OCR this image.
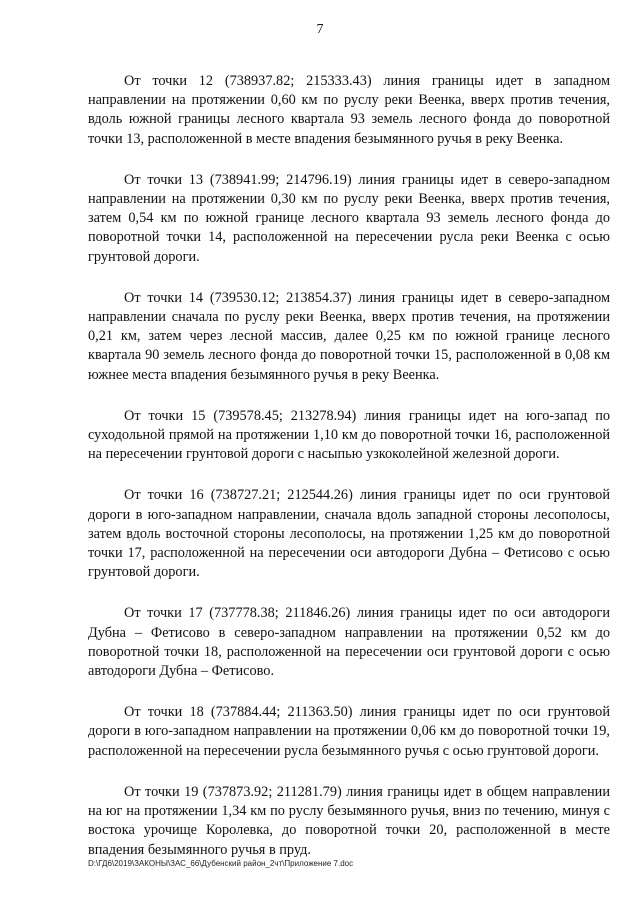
7

От точки 12 (738937.82; 215333.43) линия границы идет в западном направлении на протяжении 0,60 км по руслу реки Веенка, вверх против течения, вдоль южной границы лесного квартала 93 земель лесного фонда до поворотной точки 13, расположенной в месте впадения безымянного ручья в реку Веенка.

От точки 13 (738941.99; 214796.19) линия границы идет в северо-западном направлении на протяжении 0,30 км по руслу реки Веенка, вверх против течения, затем 0,54 км по южной границе лесного квартала 93 земель лесного фонда до поворотной точки 14, расположенной на пересечении русла реки Веенка с осью грунтовой дороги.

От точки 14 (739530.12; 213854.37) линия границы идет в северо-западном направлении сначала по руслу реки Веенка, вверх против течения, на протяжении 0,21 км, затем через лесной массив, далее 0,25 км по южной границе лесного квартала 90 земель лесного фонда до поворотной точки 15, расположенной в 0,08 км южнее места впадения безымянного ручья в реку Веенка.

От точки 15 (739578.45; 213278.94) линия границы идет на юго-запад по суходольной прямой на протяжении 1,10 км до поворотной точки 16, расположенной на пересечении грунтовой дороги с насыпью узкоколейной железной дороги.

От точки 16 (738727.21; 212544.26) линия границы идет по оси грунтовой дороги в юго-западном направлении, сначала вдоль западной стороны лесополосы, затем вдоль восточной стороны лесополосы, на протяжении 1,25 км до поворотной точки 17, расположенной на пересечении оси автодороги Дубна – Фетисово с осью грунтовой дороги.

От точки 17 (737778.38; 211846.26) линия границы идет по оси автодороги Дубна – Фетисово в северо-западном направлении на протяжении 0,52 км до поворотной точки 18, расположенной на пересечении оси грунтовой дороги с осью автодороги Дубна – Фетисово.

От точки 18 (737884.44; 211363.50) линия границы идет по оси грунтовой дороги в юго-западном направлении на протяжении 0,06 км до поворотной точки 19, расположенной на пересечении русла безымянного ручья с осью грунтовой дороги.

От точки 19 (737873.92; 211281.79) линия границы идет в общем направлении на юг на протяжении 1,34 км по руслу безымянного ручья, вниз по течению, минуя с востока урочище Королевка, до поворотной точки 20, расположенной в месте впадения безымянного ручья в пруд.

D:\ГД6\2019\ЗАКОНЫ\ЗАС_66\Дубенский район_2чт\Приложение 7.doc
